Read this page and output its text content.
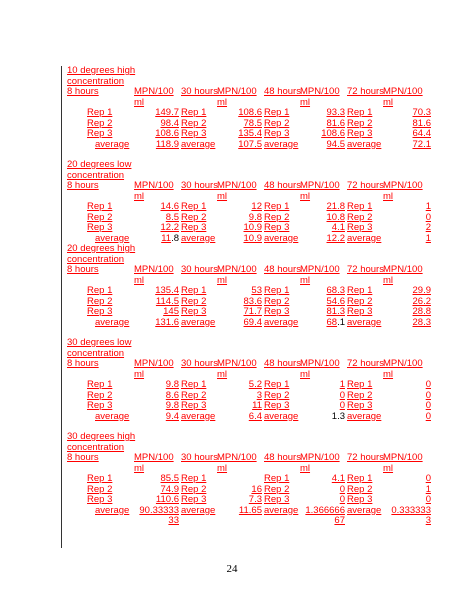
10 degrees high
concentration
8 hours	MPN/100	30 hours	MPN/100	48 hours	MPN/100	72 hours	MPN/100
	ml		ml		ml		ml
Rep 1	149.7	Rep 1	108.6	Rep 1	93.3	Rep 1	70.3
Rep 2	98.4	Rep 2	78.5	Rep 2	81.6	Rep 2	81.6
Rep 3	108.6	Rep 3	135.4	Rep 3	108.6	Rep 3	64.4
average	118.9	average	107.5	average	94.5	average	72.1
20 degrees low
concentration
8 hours	MPN/100	30 hours	MPN/100	48 hours	MPN/100	72 hours	MPN/100
	ml		ml		ml		ml
Rep 1	14.6	Rep 1	12	Rep 1	21.8	Rep 1	1
Rep 2	8.5	Rep 2	9.8	Rep 2	10.8	Rep 2	0
Rep 3	12.2	Rep 3	10.9	Rep 3	4.1	Rep 3	2
average	11.8	average	10.9	average	12.2	average	1
20 degrees high
concentration
8 hours	MPN/100	30 hours	MPN/100	48 hours	MPN/100	72 hours	MPN/100
	ml		ml		ml		ml
Rep 1	135.4	Rep 1	53	Rep 1	68.3	Rep 1	29.9
Rep 2	114.5	Rep 2	83.6	Rep 2	54.6	Rep 2	26.2
Rep 3	145	Rep 3	71.7	Rep 3	81.3	Rep 3	28.8
average	131.6	average	69.4	average	68.1	average	28.3
30 degrees low
concentration
8 hours	MPN/100	30 hours	MPN/100	48 hours	MPN/100	72 hours	MPN/100
	ml		ml		ml		ml
Rep 1	9.8	Rep 1	5.2	Rep 1	1	Rep 1	0
Rep 2	8.6	Rep 2	3	Rep 2	0	Rep 2	0
Rep 3	9.8	Rep 3	11	Rep 3	0	Rep 3	0
average	9.4	average	6.4	average	1.3	average	0
30 degrees high
concentration
8 hours	MPN/100	30 hours	MPN/100	48 hours	MPN/100	72 hours	MPN/100
	ml		ml		ml		ml
Rep 1	85.5	Rep 1		Rep 1	4.1	Rep 1	0
Rep 2	74.9	Rep 2	16	Rep 2	0	Rep 2	1
Rep 3	110.6	Rep 3	7.3	Rep 3	0	Rep 3	0
average	90.33333	average	11.65	average	1.366666	average	0.333333
	33				67		3
24
